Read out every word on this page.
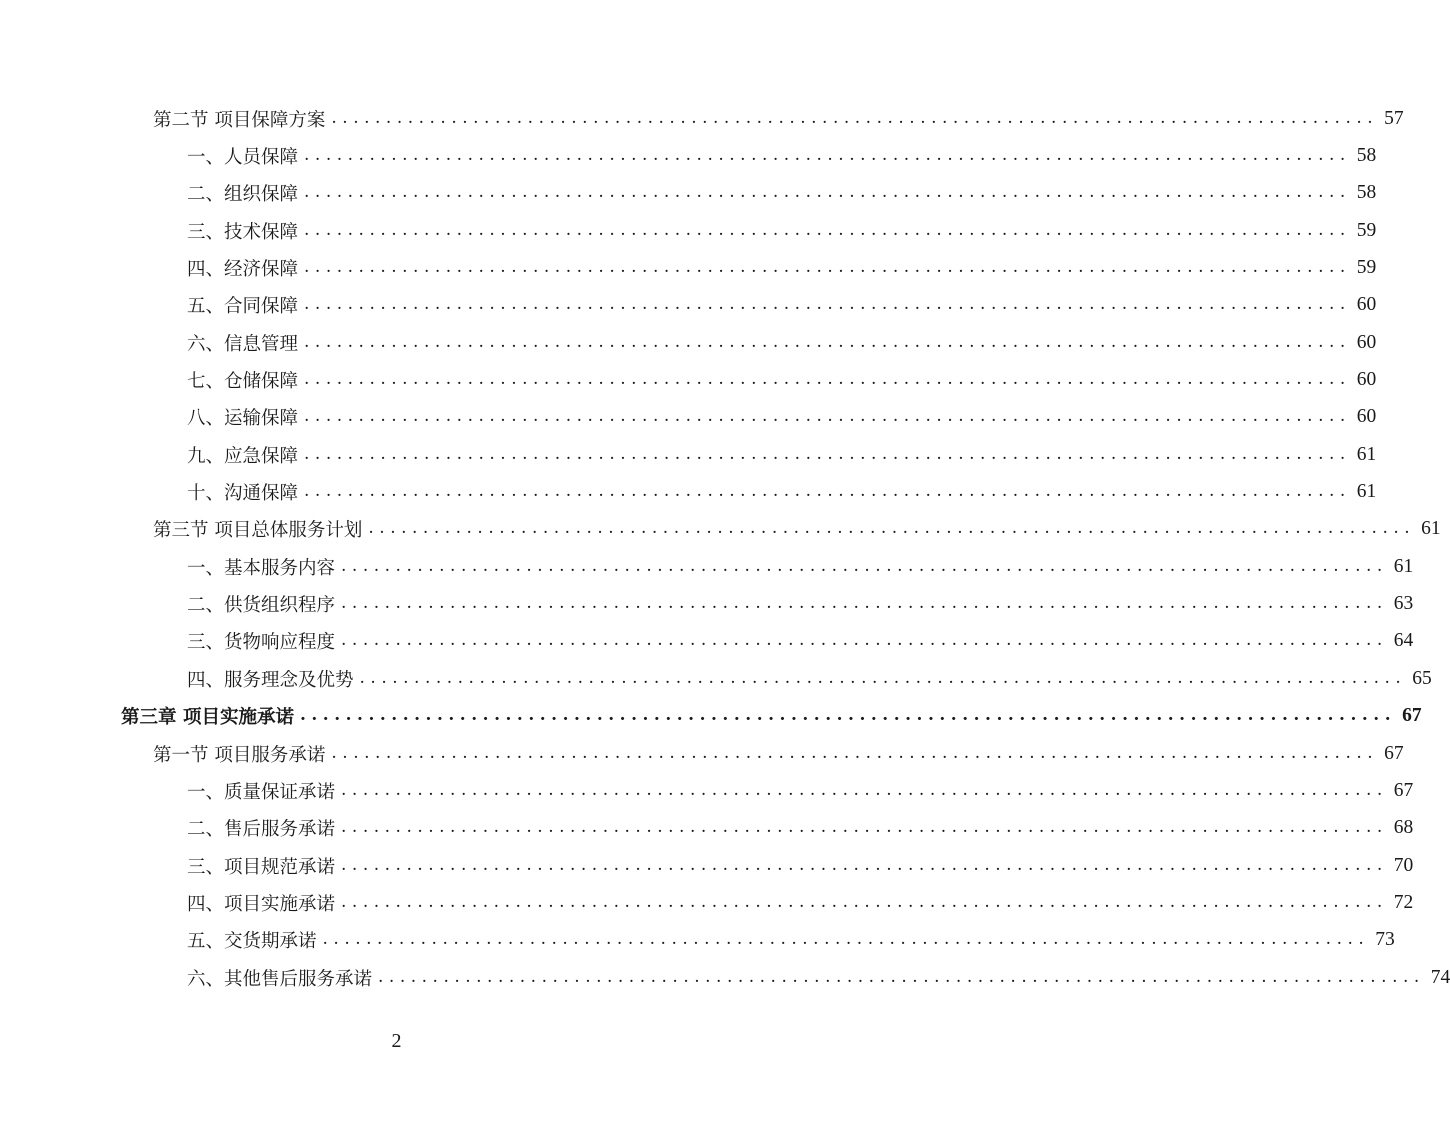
第二节 项目保障方案 ................................................................................................ 57
一、人员保障 ................................................................................................ 58
二、组织保障 ................................................................................................ 58
三、技术保障 ................................................................................................ 59
四、经济保障 ................................................................................................ 59
五、合同保障 ................................................................................................ 60
六、信息管理 ................................................................................................ 60
七、仓储保障 ................................................................................................ 60
八、运输保障 ................................................................................................ 60
九、应急保障 ................................................................................................ 61
十、沟通保障 ................................................................................................ 61
第三节 项目总体服务计划 ................................................................................................ 61
一、基本服务内容 ................................................................................................ 61
二、供货组织程序 ................................................................................................ 63
三、货物响应程度 ................................................................................................ 64
四、服务理念及优势 ................................................................................................ 65
第三章 项目实施承诺 ................................................................................................ 67
第一节 项目服务承诺 ................................................................................................ 67
一、质量保证承诺 ................................................................................................ 67
二、售后服务承诺 ................................................................................................ 68
三、项目规范承诺 ................................................................................................ 70
四、项目实施承诺 ................................................................................................ 72
五、交货期承诺 ................................................................................................ 73
六、其他售后服务承诺 ................................................................................................ 74
2
